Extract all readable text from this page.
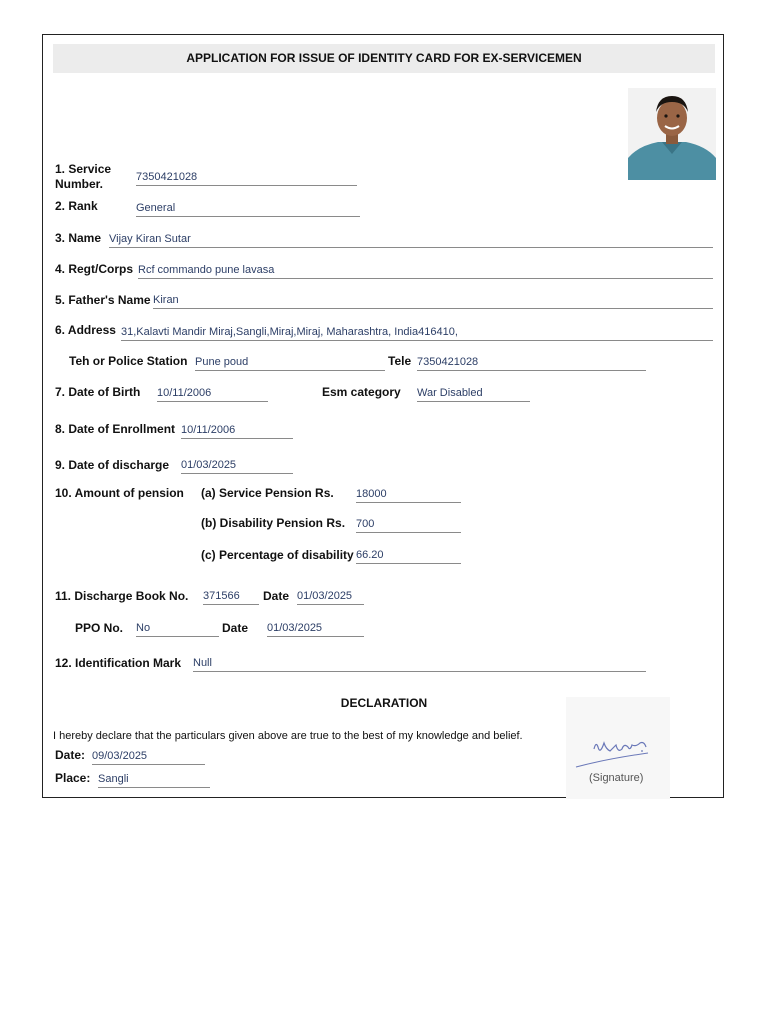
APPLICATION FOR ISSUE OF IDENTITY CARD FOR EX-SERVICEMEN
1. Service Number.	7350421028
2. Rank	General
3. Name Vijay Kiran Sutar
4. Regt/Corps Rcf commando pune lavasa
5. Father's Name Kiran
6. Address 31,Kalavti Mandir Miraj,Sangli,Miraj,Miraj, Maharashtra, India416410,
Teh or Police Station Pune poud	Tele 7350421028
7. Date of Birth 10/11/2006	Esm category War Disabled
8. Date of Enrollment 10/11/2006
9. Date of discharge 01/03/2025
10. Amount of pension (a) Service Pension Rs. 18000
(b) Disability Pension Rs. 700
(c) Percentage of disability 66.20
11. Discharge Book No. 371566	Date 01/03/2025
PPO No. No	Date 01/03/2025
12. Identification Mark Null
DECLARATION
I hereby declare that the particulars given above are true to the best of my knowledge and belief.
Date: 09/03/2025
Place: Sangli	(Signature)
